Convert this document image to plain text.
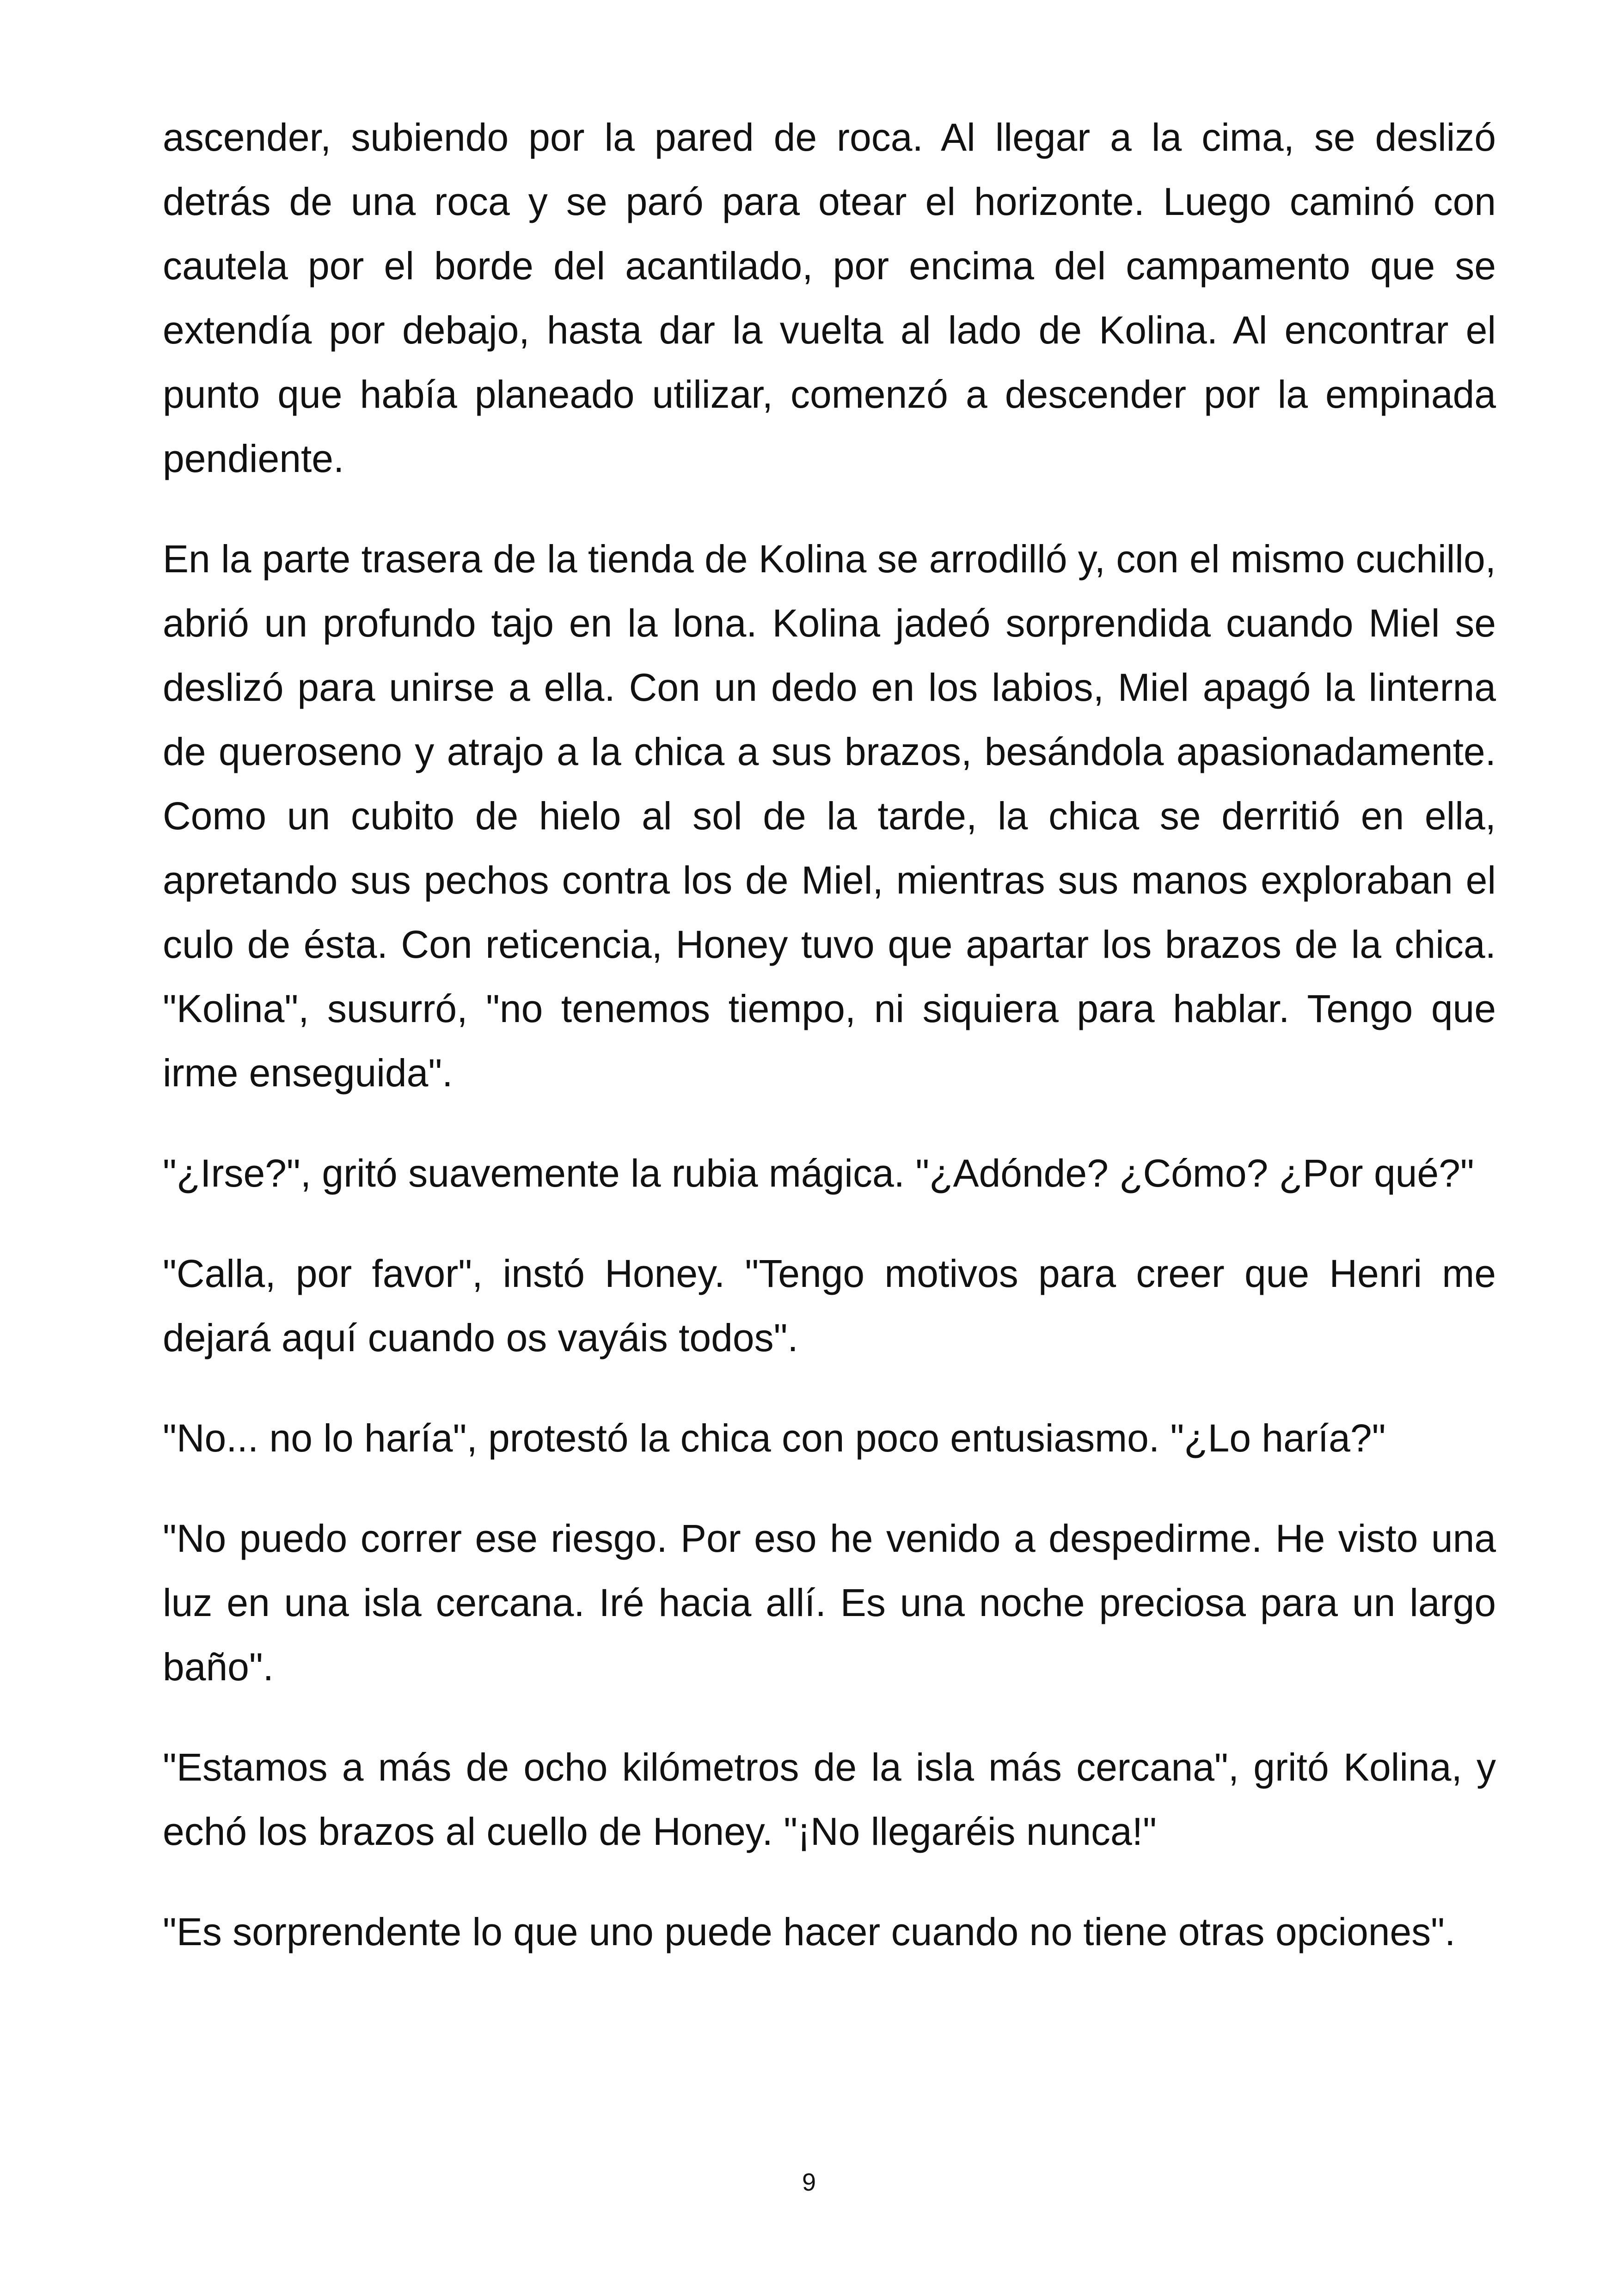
ascender, subiendo por la pared de roca. Al llegar a la cima, se deslizó detrás de una roca y se paró para otear el horizonte. Luego caminó con cautela por el borde del acantilado, por encima del campamento que se extendía por debajo, hasta dar la vuelta al lado de Kolina. Al encontrar el punto que había planeado utilizar, comenzó a descender por la empinada pendiente.

En la parte trasera de la tienda de Kolina se arrodilló y, con el mismo cuchillo, abrió un profundo tajo en la lona. Kolina jadeó sorprendida cuando Miel se deslizó para unirse a ella. Con un dedo en los labios, Miel apagó la linterna de queroseno y atrajo a la chica a sus brazos, besándola apasionadamente. Como un cubito de hielo al sol de la tarde, la chica se derritió en ella, apretando sus pechos contra los de Miel, mientras sus manos exploraban el culo de ésta. Con reticencia, Honey tuvo que apartar los brazos de la chica. "Kolina", susurró, "no tenemos tiempo, ni siquiera para hablar. Tengo que irme enseguida".

"¿Irse?", gritó suavemente la rubia mágica. "¿Adónde? ¿Cómo? ¿Por qué?"

"Calla, por favor", instó Honey. "Tengo motivos para creer que Henri me dejará aquí cuando os vayáis todos".

"No... no lo haría", protestó la chica con poco entusiasmo. "¿Lo haría?"

"No puedo correr ese riesgo. Por eso he venido a despedirme. He visto una luz en una isla cercana. Iré hacia allí. Es una noche preciosa para un largo baño".

"Estamos a más de ocho kilómetros de la isla más cercana", gritó Kolina, y echó los brazos al cuello de Honey. "¡No llegaréis nunca!"

"Es sorprendente lo que uno puede hacer cuando no tiene otras opciones".

9
